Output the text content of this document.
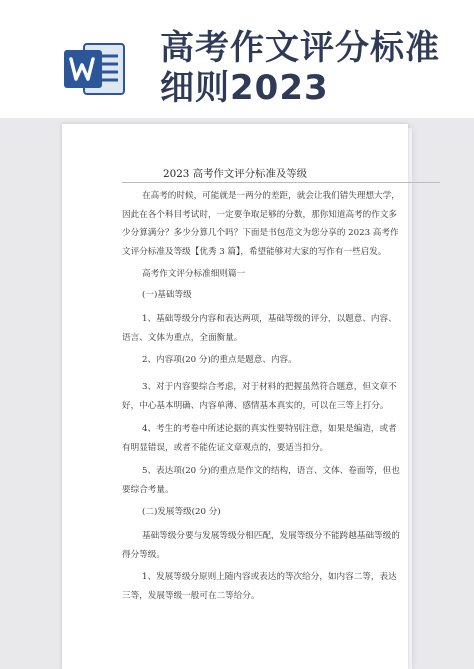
高考作文评分标准
细则2023
2023 高考作文评分标准及等级
在高考的时候，可能就是一两分的差距，就会让我们错失理想大学，
因此在各个科目考试时，一定要争取足够的分数，那你知道高考的作文多
少分算满分？多少分算几个吗？下面是书包范文为您分享的 2023 高考作
文评分标准及等级【优秀 3 篇】，希望能够对大家的写作有一些启发。
高考作文评分标准细则篇一
(一)基础等级
1、基础等级分内容和表达两项，基础等级的评分，以题意、内容、
语言、文体为重点，全面衡量。
2、内容项(20 分)的重点是题意、内容。
3、对于内容要综合考虑，对于材料的把握虽然符合题意，但文章不
好，中心基本明确、内容单薄、感情基本真实的，可以在三等上打分。
4、考生的考卷中所述论据的真实性要特别注意，如果是编造，或者
有明显错误，或者不能佐证文章观点的，要适当扣分。
5、表达项(20 分)的重点是作文的结构，语言、文体、卷面等，但也
要综合考量。
(二)发展等级(20 分)
基础等级分要与发展等级分相匹配，发展等级分不能跨越基础等级的
得分等级。
1、发展等级分原则上随内容或表达的等次给分，如内容二等，表达
三等，发展等级一般可在二等给分。
